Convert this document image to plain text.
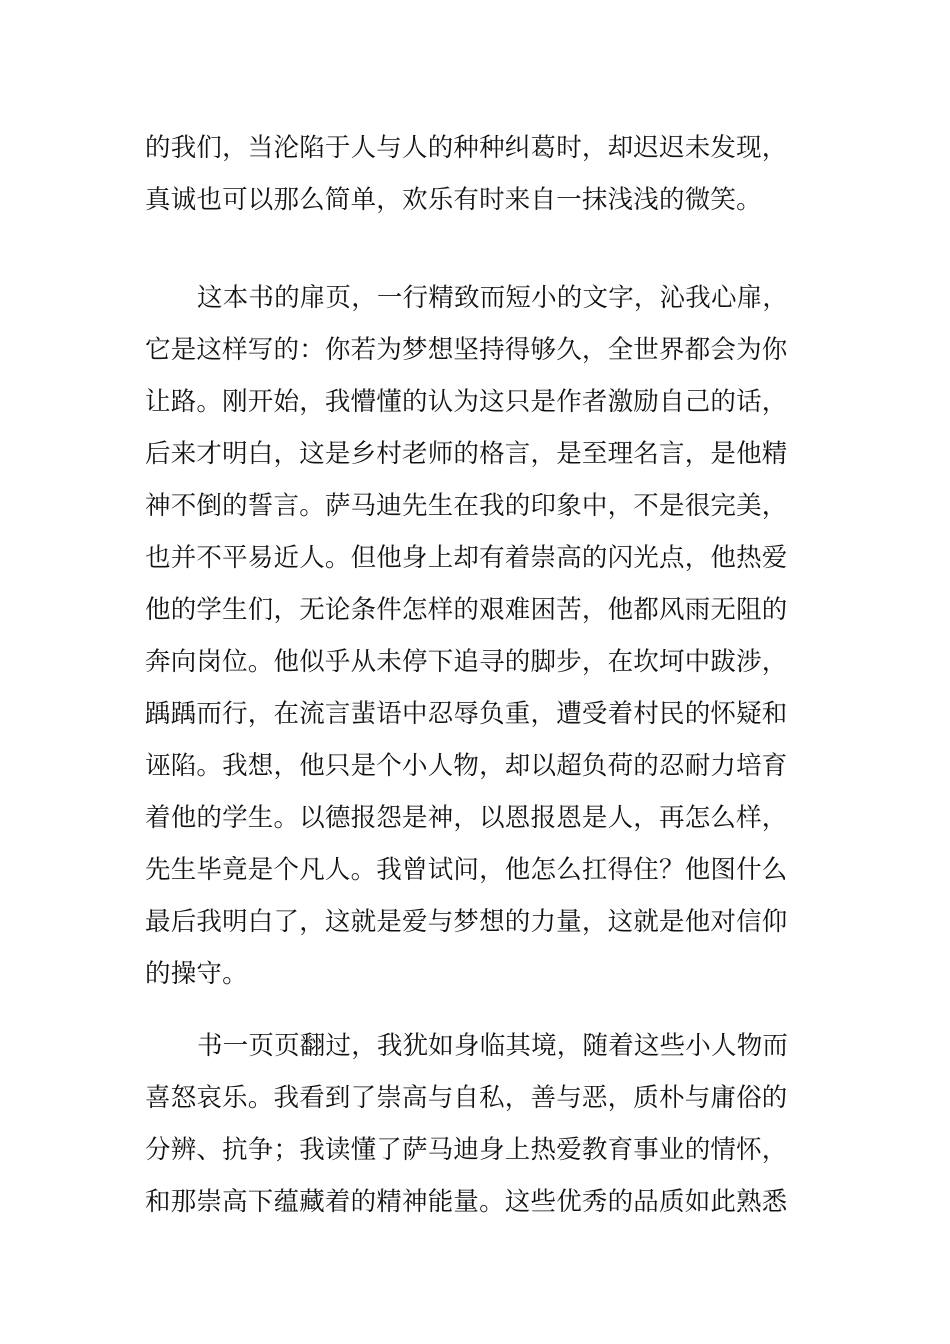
的我们，当沦陷于人与人的种种纠葛时，却迟迟未发现，
真诚也可以那么简单，欢乐有时来自一抹浅浅的微笑。
这本书的扉页，一行精致而短小的文字，沁我心扉，
它是这样写的：你若为梦想坚持得够久，全世界都会为你
让路。刚开始，我懵懂的认为这只是作者激励自己的话，
后来才明白，这是乡村老师的格言，是至理名言，是他精
神不倒的誓言。萨马迪先生在我的印象中，不是很完美，
也并不平易近人。但他身上却有着崇高的闪光点，他热爱
他的学生们，无论条件怎样的艰难困苦，他都风雨无阻的
奔向岗位。他似乎从未停下追寻的脚步，在坎坷中跋涉，
踽踽而行，在流言蜚语中忍辱负重，遭受着村民的怀疑和
诬陷。我想，他只是个小人物，却以超负荷的忍耐力培育
着他的学生。以德报怨是神，以恩报恩是人，再怎么样，
先生毕竟是个凡人。我曾试问，他怎么扛得住？他图什么
最后我明白了，这就是爱与梦想的力量，这就是他对信仰
的操守。
书一页页翻过，我犹如身临其境，随着这些小人物而
喜怒哀乐。我看到了崇高与自私，善与恶，质朴与庸俗的
分辨、抗争；我读懂了萨马迪身上热爱教育事业的情怀，
和那崇高下蕴藏着的精神能量。这些优秀的品质如此熟悉
